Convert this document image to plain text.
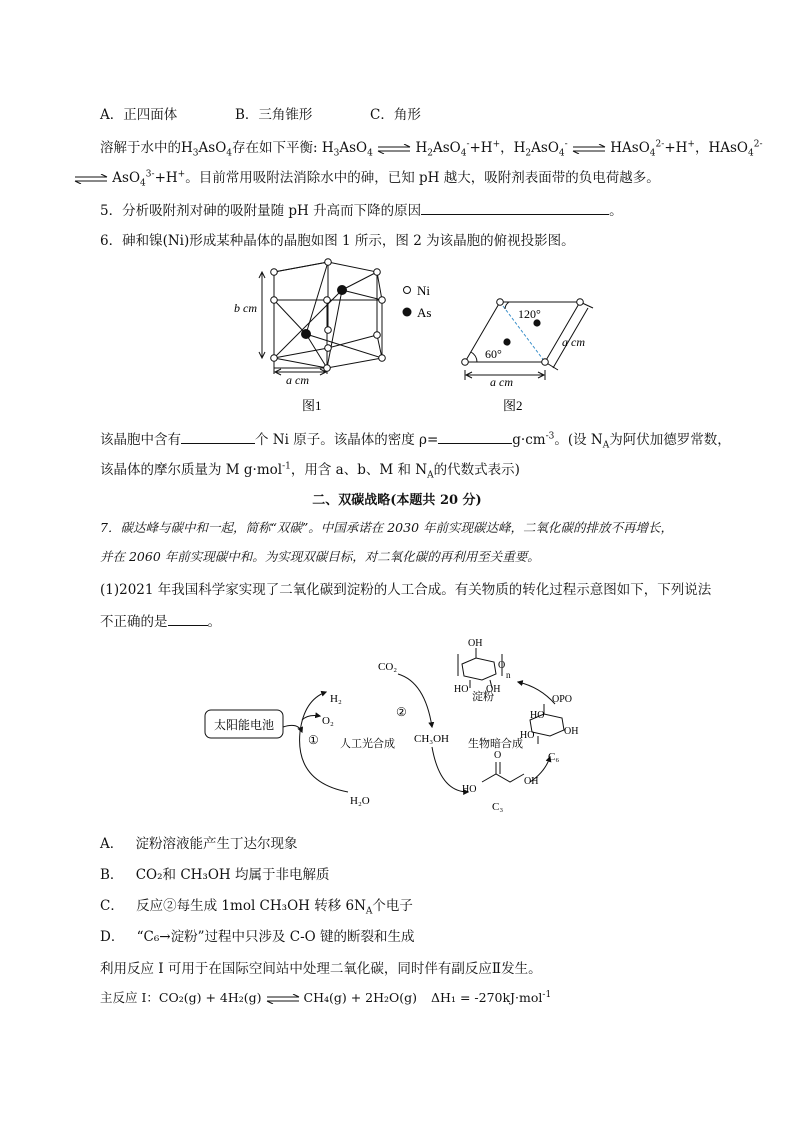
A．正四面体	B．三角锥形	C．角形
溶解于水中的$H_3AsO_4$存在如下平衡: $H_3AsO_4$ ⇌ $H_2AsO_4^-+H^+$，$H_2AsO_4^-$ ⇌ HAsO$_4^{2-}$+H+，HAsO$_4^{2-}$
⇌ AsO$_4^{3-}$+H+。目前常用吸附法消除水中的砷，已知 pH 越大，吸附剂表面带的负电荷越多。
5．分析吸附剂对砷的吸附量随 pH 升高而下降的原因	。
6．砷和镍(Ni)形成某种晶体的晶胞如图 1 所示，图 2 为该晶胞的俯视投影图。
b cm
a cm
Ni
As
图1
120°
60°
a cm
a cm
图2
该晶胞中含有	个 Ni 原子。该晶体的密度 ρ=	$g\cdot cm^{-3}$。(设 $N_A$为阿伏加德罗常数，
该晶体的摩尔质量为 M g·mol$^{-1}$，用含 a、b、M 和 $N_A$的代数式表示)
二、双碳战略(本题共 20 分)
7．碳达峰与碳中和一起，简称“双碳”。中国承诺在 2030 年前实现碳达峰，二氧化碳的排放不再增长，
并在 2060 年前实现碳中和。为实现双碳目标，对二氧化碳的再利用至关重要。
(1)2021 年我国科学家实现了二氧化碳到淀粉的人工合成。有关物质的转化过程示意图如下，下列说法
不正确的是	。
太阳能电池
H₂
O₂
CO₂
①
②
人工光合成 CH₃OH
H₂O
生物暗合成
淀粉
OH
HO OH
O
n
OPO
HO
HO	OH
C₆
C₃
HO
OH
O
A． 淀粉溶液能产生丁达尔现象
B． CO₂和 CH₃OH 均属于非电解质
C． 反应②每生成 1mol CH₃OH 转移 $6N_A$个电子
D． “C₆→淀粉”过程中只涉及 C-O 键的断裂和生成
利用反应 I 可用于在国际空间站中处理二氧化碳，同时伴有副反应Ⅱ发生。
主反应 I：CO₂(g) + 4H₂(g) ⇌ CH₄(g) + 2H₂O(g) ΔH₁ = -270kJ·mol$^{-1}$
